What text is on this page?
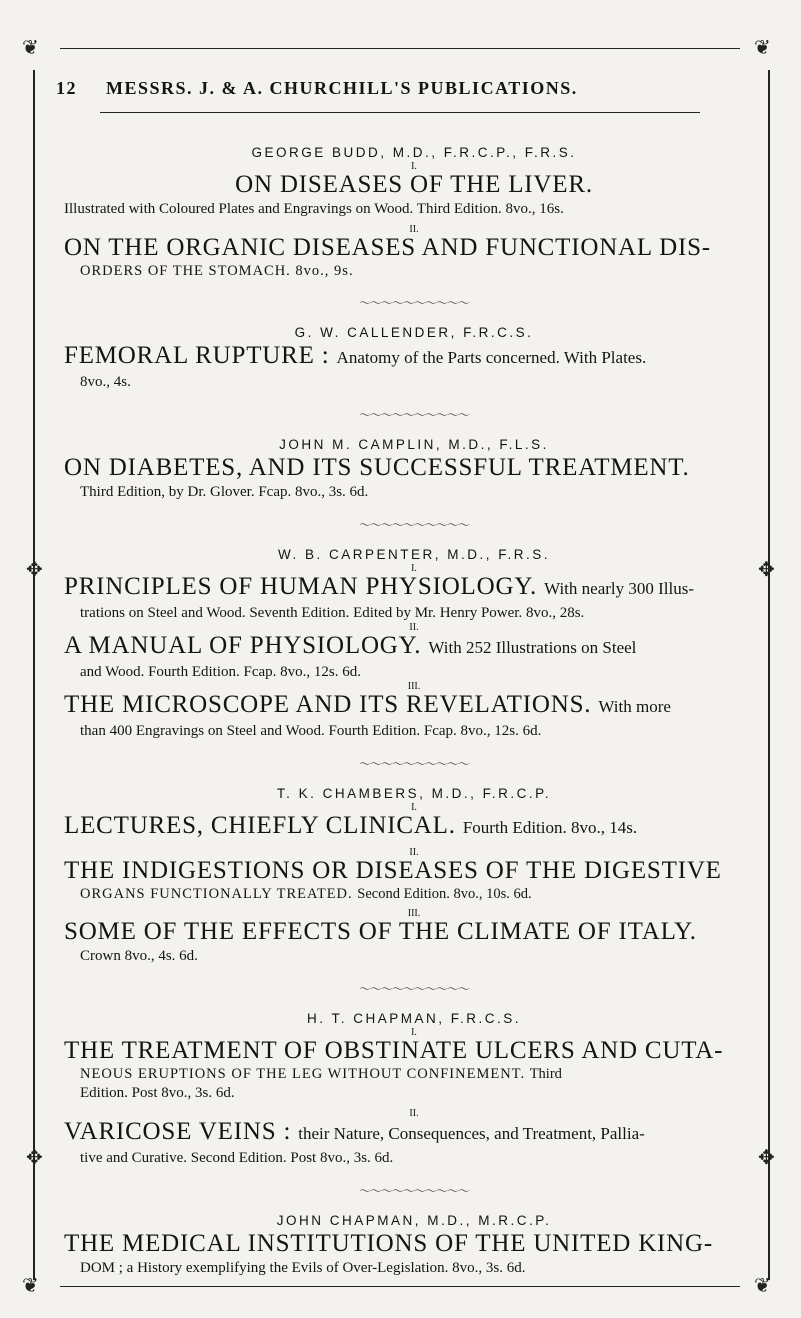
❦	❦
❦	❦
✥	✥
✥	✥
12 MESSRS. J. & A. CHURCHILL'S PUBLICATIONS.

GEORGE BUDD, M.D., F.R.C.P., F.R.S.

I.

ON DISEASES OF THE LIVER.

Illustrated with Coloured Plates and Engravings on Wood. Third Edition. 8vo., 16s.

II.

ON THE ORGANIC DISEASES AND FUNCTIONAL DIS-

ORDERS OF THE STOMACH. 8vo., 9s.

〜〜〜〜〜〜〜〜〜〜

G. W. CALLENDER, F.R.C.S.

FEMORAL RUPTURE : Anatomy of the Parts concerned. With Plates.

8vo., 4s.

〜〜〜〜〜〜〜〜〜〜

JOHN M. CAMPLIN, M.D., F.L.S.

ON DIABETES, AND ITS SUCCESSFUL TREATMENT.

Third Edition, by Dr. Glover. Fcap. 8vo., 3s. 6d.

〜〜〜〜〜〜〜〜〜〜

W. B. CARPENTER, M.D., F.R.S.

I.

PRINCIPLES OF HUMAN PHYSIOLOGY. With nearly 300 Illus-

trations on Steel and Wood. Seventh Edition. Edited by Mr. Henry Power. 8vo., 28s.

II.

A MANUAL OF PHYSIOLOGY. With 252 Illustrations on Steel

and Wood. Fourth Edition. Fcap. 8vo., 12s. 6d.

III.

THE MICROSCOPE AND ITS REVELATIONS. With more

than 400 Engravings on Steel and Wood. Fourth Edition. Fcap. 8vo., 12s. 6d.

〜〜〜〜〜〜〜〜〜〜

T. K. CHAMBERS, M.D., F.R.C.P.

I.

LECTURES, CHIEFLY CLINICAL. Fourth Edition. 8vo., 14s.

II.

THE INDIGESTIONS OR DISEASES OF THE DIGESTIVE

ORGANS FUNCTIONALLY TREATED. Second Edition. 8vo., 10s. 6d.

III.

SOME OF THE EFFECTS OF THE CLIMATE OF ITALY.

Crown 8vo., 4s. 6d.

〜〜〜〜〜〜〜〜〜〜

H. T. CHAPMAN, F.R.C.S.

I.

THE TREATMENT OF OBSTINATE ULCERS AND CUTA-

NEOUS ERUPTIONS OF THE LEG WITHOUT CONFINEMENT. Third

Edition. Post 8vo., 3s. 6d.

II.

VARICOSE VEINS : their Nature, Consequences, and Treatment, Pallia-

tive and Curative. Second Edition. Post 8vo., 3s. 6d.

〜〜〜〜〜〜〜〜〜〜

JOHN CHAPMAN, M.D., M.R.C.P.

THE MEDICAL INSTITUTIONS OF THE UNITED KING-

DOM ; a History exemplifying the Evils of Over-Legislation. 8vo., 3s. 6d.
